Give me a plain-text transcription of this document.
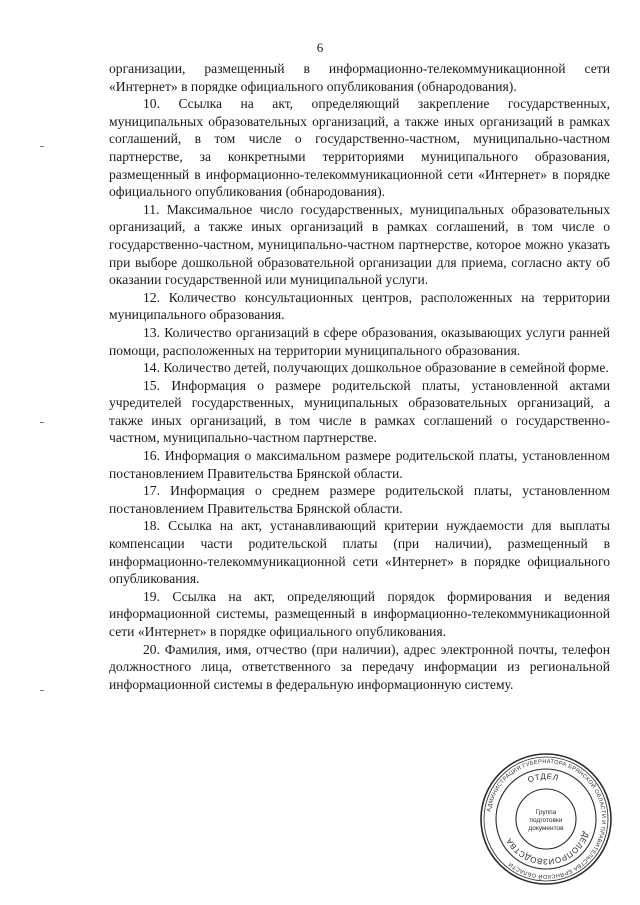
6

организации, размещенный в информационно-телекоммуникационной сети «Интернет» в порядке официального опубликования (обнародования).

10. Ссылка на акт, определяющий закрепление государственных, муниципальных образовательных организаций, а также иных организаций в рамках соглашений, в том числе о государственно-частном, муниципально-частном партнерстве, за конкретными территориями муниципального образования, размещенный в информационно-телекоммуникационной сети «Интернет» в порядке официального опубликования (обнародования).

11. Максимальное число государственных, муниципальных образовательных организаций, а также иных организаций в рамках соглашений, в том числе о государственно-частном, муниципально-частном партнерстве, которое можно указать при выборе дошкольной образовательной организации для приема, согласно акту об оказании государственной или муниципальной услуги.

12. Количество консультационных центров, расположенных на территории муниципального образования.

13. Количество организаций в сфере образования, оказывающих услуги ранней помощи, расположенных на территории муниципального образования.

14. Количество детей, получающих дошкольное образование в семейной форме.

15. Информация о размере родительской платы, установленной актами учредителей государственных, муниципальных образовательных организаций, а также иных организаций, в том числе в рамках соглашений о государственно-частном, муниципально-частном партнерстве.

16. Информация о максимальном размере родительской платы, установленном постановлением Правительства Брянской области.

17. Информация о среднем размере родительской платы, установленном постановлением Правительства Брянской области.

18. Ссылка на акт, устанавливающий критерии нуждаемости для выплаты компенсации части родительской платы (при наличии), размещенный в информационно-телекоммуникационной сети «Интернет» в порядке официального опубликования.

19. Ссылка на акт, определяющий порядок формирования и ведения информационной системы, размещенный в информационно-телекоммуникационной сети «Интернет» в порядке официального опубликования.

20. Фамилия, имя, отчество (при наличии), адрес электронной почты, телефон должностного лица, ответственного за передачу информации из региональной информационной системы в федеральную информационную систему.

АДМИНИСТРАЦИЯ ГУБЕРНАТОРА БРЯНСКОЙ ОБЛАСТИ И ПРАВИТЕЛЬСТВА БРЯНСКОЙ ОБЛАСТИ
ОТДЕЛ
ДЕЛОПРОИЗВОДСТВА
Группа
подготовки
документов
